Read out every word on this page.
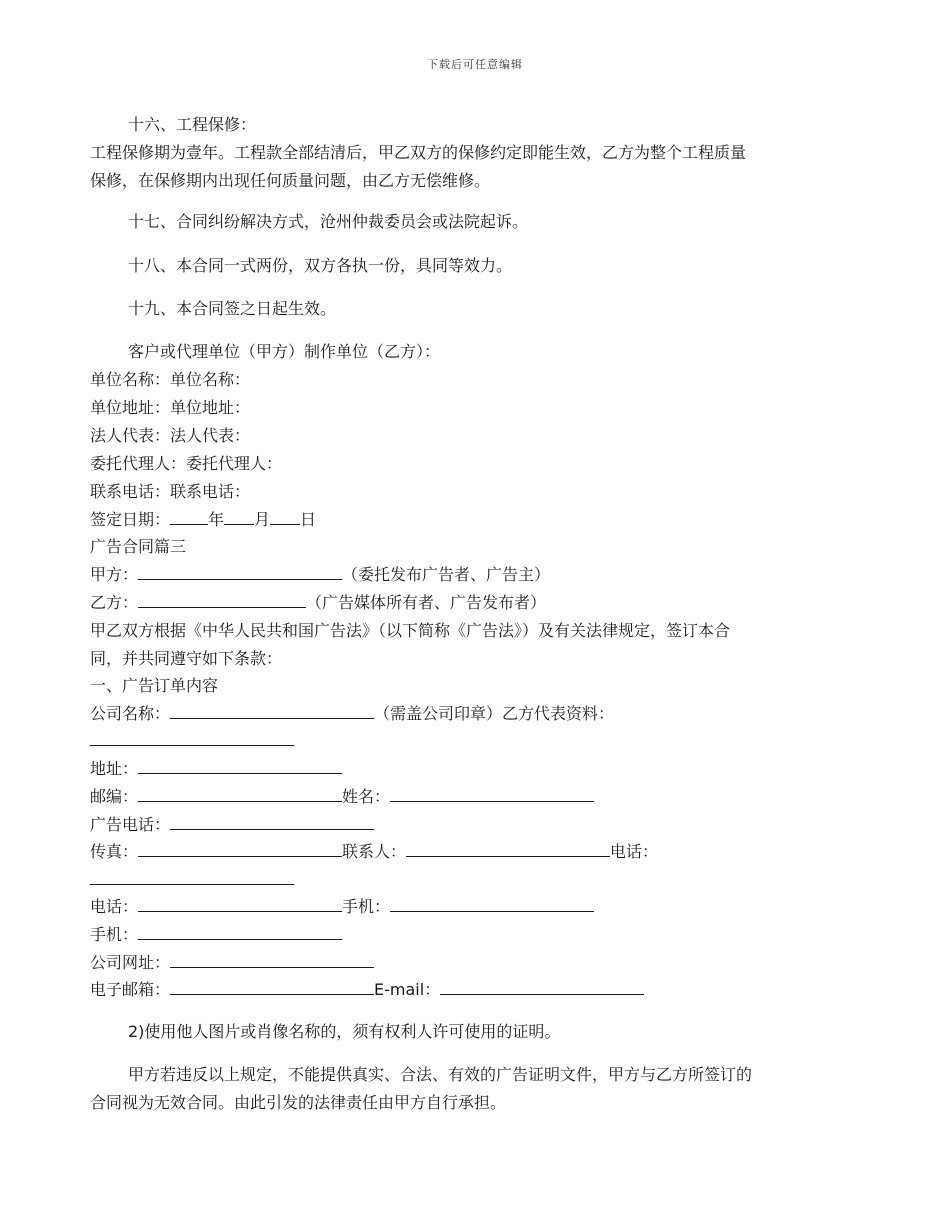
下载后可任意编辑
十六、工程保修：
工程保修期为壹年。工程款全部结清后，甲乙双方的保修约定即能生效，乙方为整个工程质量
保修，在保修期内出现任何质量问题，由乙方无偿维修。
十七、合同纠纷解决方式，沧州仲裁委员会或法院起诉。
十八、本合同一式两份，双方各执一份，具同等效力。
十九、本合同签之日起生效。
客户或代理单位（甲方）制作单位（乙方）：
单位名称：单位名称：
单位地址：单位地址：
法人代表：法人代表：
委托代理人：委托代理人：
联系电话：联系电话：
签定日期： 年 月 日
广告合同篇三
甲方：	（委托发布广告者、广告主）
乙方：	（广告媒体所有者、广告发布者）
甲乙双方根据《中华人民共和国广告法》（以下简称《广告法》）及有关法律规定，签订本合
同，并共同遵守如下条款：
一、广告订单内容
公司名称：	（需盖公司印章）乙方代表资料：
地址：
邮编：	姓名：
广告电话：
传真：	联系人：	电话：
电话：	手机：
手机：
公司网址：
电子邮箱：	E-mail：
2)使用他人图片或肖像名称的，须有权利人许可使用的证明。
甲方若违反以上规定，不能提供真实、合法、有效的广告证明文件，甲方与乙方所签订的
合同视为无效合同。由此引发的法律责任由甲方自行承担。
